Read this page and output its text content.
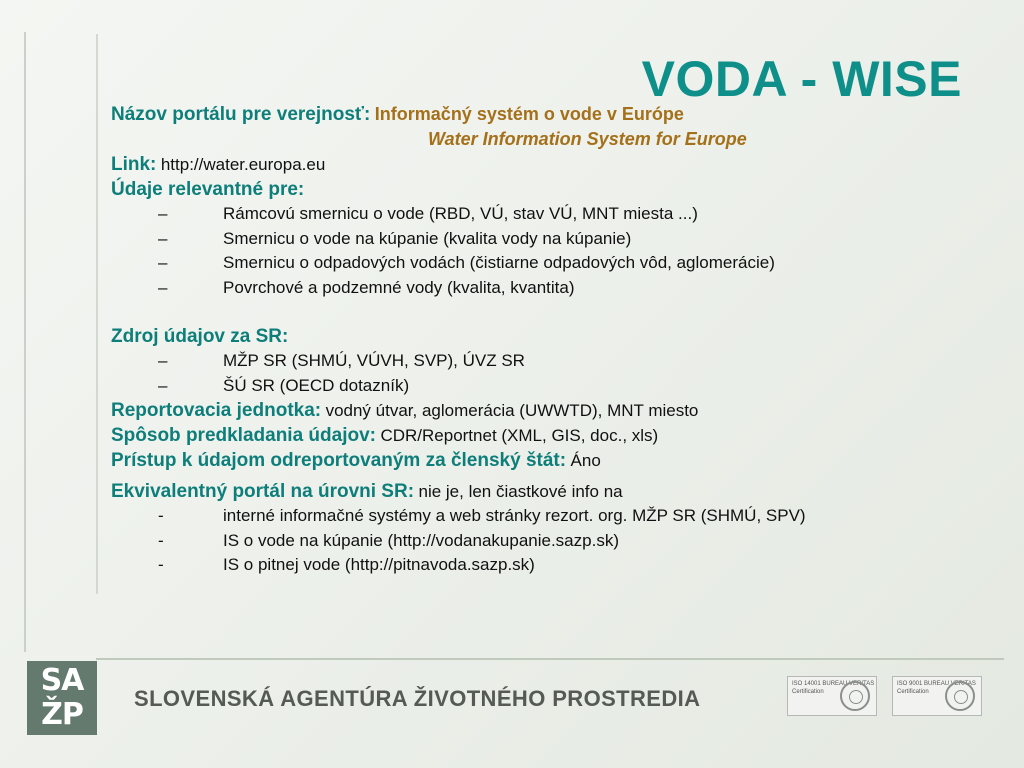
VODA - WISE
Názov portálu pre verejnosť: Informačný systém o vode v Európe
Water Information System for Europe
Link: http://water.europa.eu
Údaje relevantné pre:
–	Rámcovú smernicu o vode (RBD, VÚ, stav VÚ, MNT miesta ...)
–	Smernicu o vode na kúpanie (kvalita vody na kúpanie)
–	Smernicu o odpadových vodách (čistiarne odpadových vôd, aglomerácie)
–	Povrchové a podzemné vody (kvalita, kvantita)
Zdroj údajov za SR:
–	MŽP SR (SHMÚ, VÚVH, SVP), ÚVZ SR
–	ŠÚ SR (OECD dotazník)
Reportovacia jednotka: vodný útvar, aglomerácia (UWWTD), MNT miesto
Spôsob predkladania údajov: CDR/Reportnet (XML, GIS, doc., xls)
Prístup k údajom odreportovaným za členský štát: Áno
Ekvivalentný portál na úrovni SR: nie je, len čiastkové info na
-	interné informačné systémy a web stránky rezort. org. MŽP SR (SHMÚ, SPV)
-	IS o vode na kúpanie (http://vodanakupanie.sazp.sk)
-	IS o pitnej vode (http://pitnavoda.sazp.sk)
SA
ŽP	SLOVENSKÁ AGENTÚRA ŽIVOTNÉHO PROSTREDIA
ISO 14001 BUREAU VERITAS Certification
ISO 9001 BUREAU VERITAS Certification
